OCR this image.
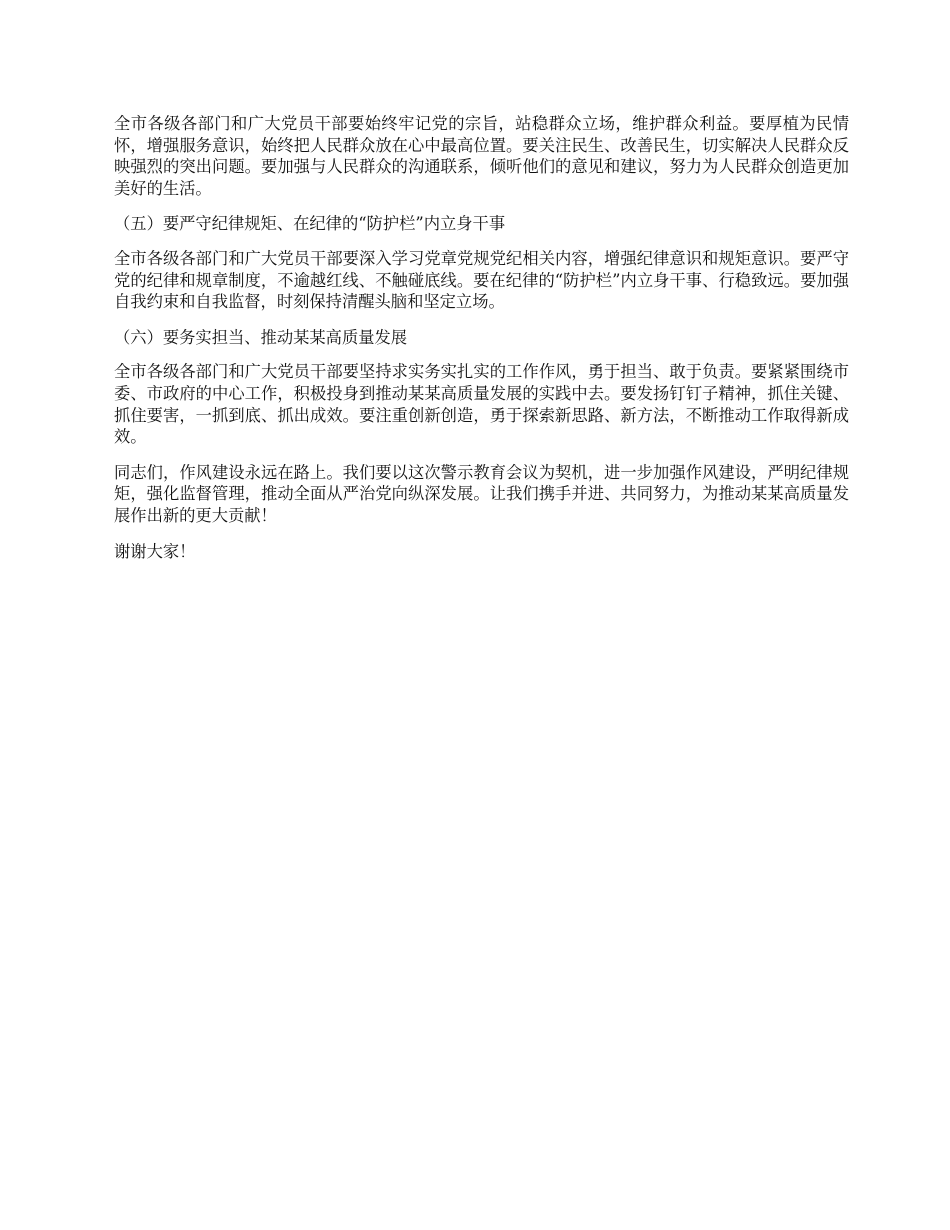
全市各级各部门和广大党员干部要始终牢记党的宗旨，站稳群众立场，维护群众利益。要厚植为民情怀，增强服务意识，始终把人民群众放在心中最高位置。要关注民生、改善民生，切实解决人民群众反映强烈的突出问题。要加强与人民群众的沟通联系，倾听他们的意见和建议，努力为人民群众创造更加美好的生活。

（五）要严守纪律规矩、在纪律的“防护栏”内立身干事

全市各级各部门和广大党员干部要深入学习党章党规党纪相关内容，增强纪律意识和规矩意识。要严守党的纪律和规章制度，不逾越红线、不触碰底线。要在纪律的“防护栏”内立身干事、行稳致远。要加强自我约束和自我监督，时刻保持清醒头脑和坚定立场。

（六）要务实担当、推动某某高质量发展

全市各级各部门和广大党员干部要坚持求实务实扎实的工作作风，勇于担当、敢于负责。要紧紧围绕市委、市政府的中心工作，积极投身到推动某某高质量发展的实践中去。要发扬钉钉子精神，抓住关键、抓住要害，一抓到底、抓出成效。要注重创新创造，勇于探索新思路、新方法，不断推动工作取得新成效。

同志们，作风建设永远在路上。我们要以这次警示教育会议为契机，进一步加强作风建设，严明纪律规矩，强化监督管理，推动全面从严治党向纵深发展。让我们携手并进、共同努力，为推动某某高质量发展作出新的更大贡献！

谢谢大家！
